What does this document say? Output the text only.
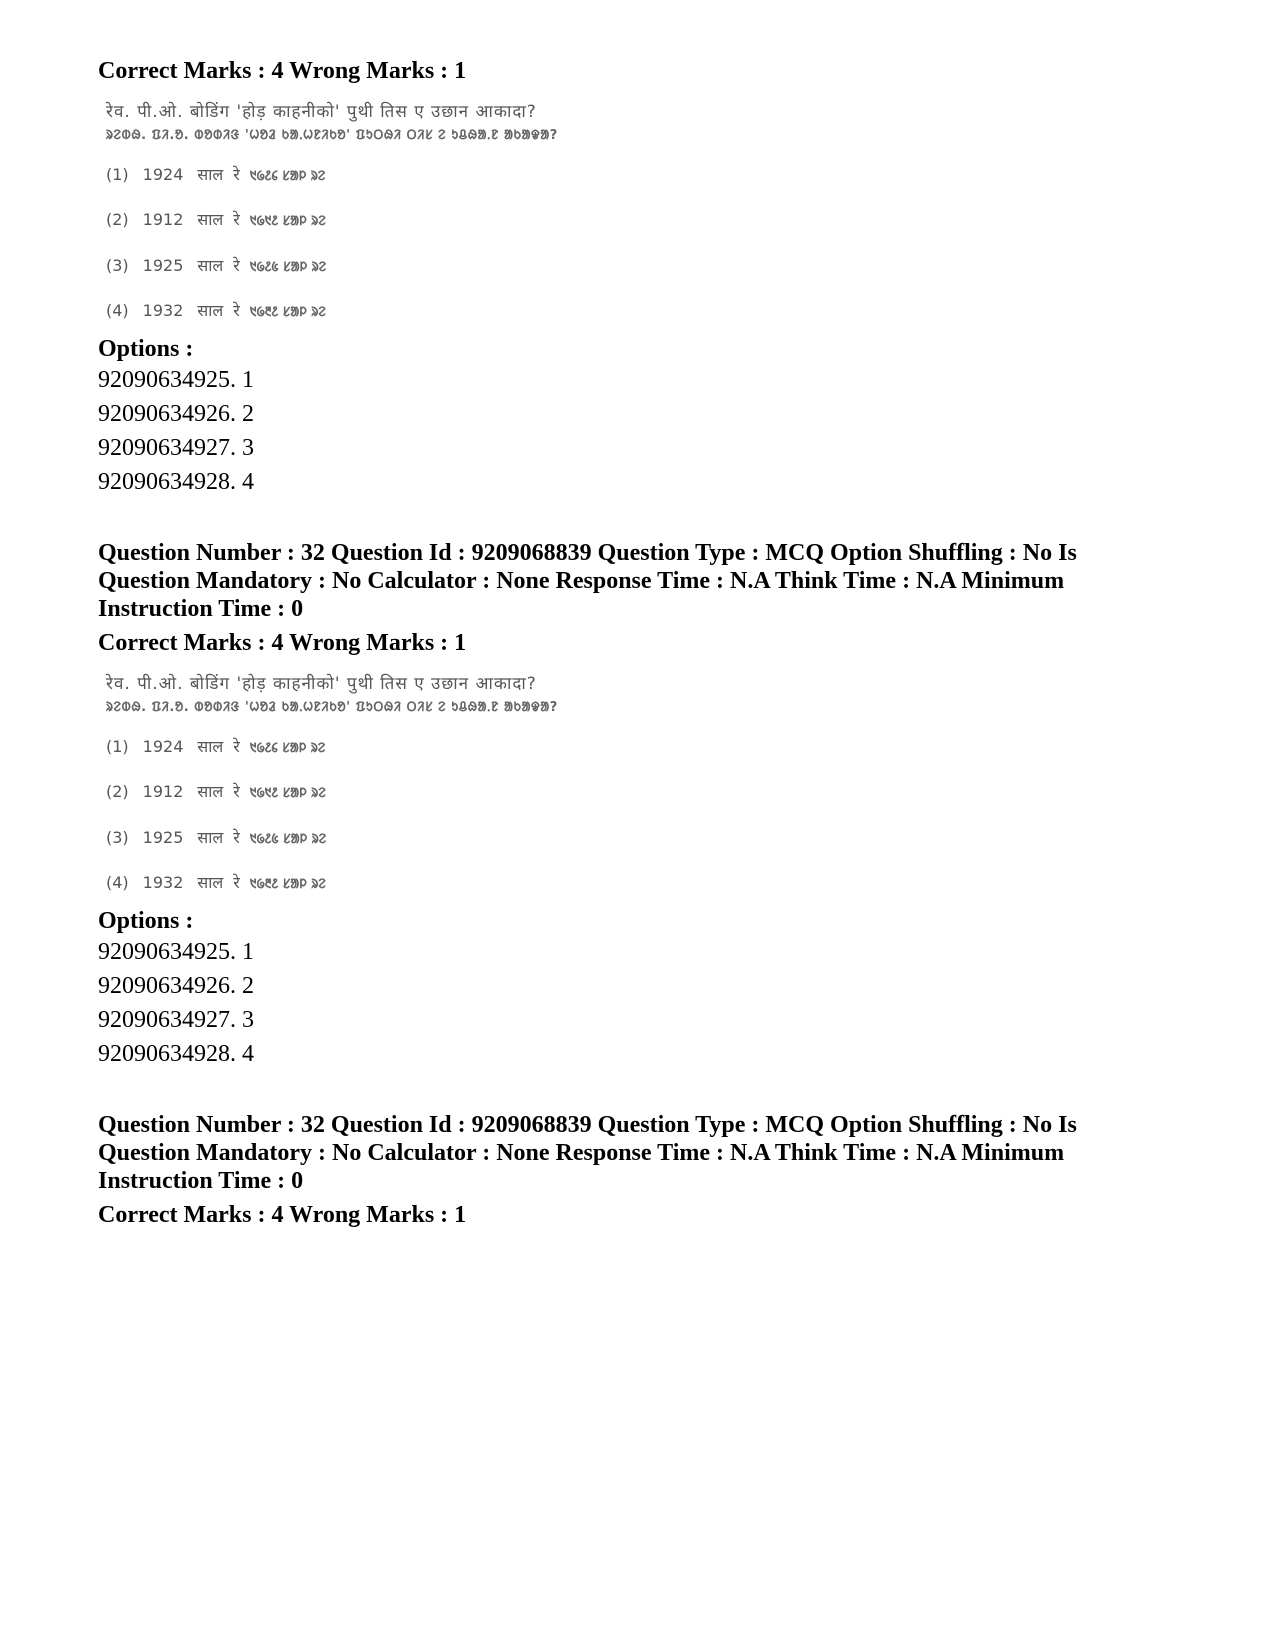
Correct Marks : 4 Wrong Marks : 1

रेव. पी.ओ. बोडिंग 'होड़ काहनीको' पुथी तिस ए उछान आकादा?
ᱨᱮᱵᱷ. ᱯᱤ.ᱚ. ᱵᱚᱰᱤᱝ 'ᱦᱚᱲ ᱠᱟᱹᱦᱱᱤᱠᱚ' ᱯᱩᱛᱷᱤ ᱛᱤᱥ ᱮ ᱩᱪᱷᱟᱹᱱ ᱟᱠᱟᱫᱟ?
(1) 1924 साल रे ᱑᱙᱒᱔ ᱥᱟᱞ ᱨᱮ
(2) 1912 साल रे ᱑᱙᱑᱒ ᱥᱟᱞ ᱨᱮ
(3) 1925 साल रे ᱑᱙᱒᱕ ᱥᱟᱞ ᱨᱮ
(4) 1932 साल रे ᱑᱙᱓᱒ ᱥᱟᱞ ᱨᱮ

Options :

92090634925. 1

92090634926. 2

92090634927. 3

92090634928. 4

Question Number : 32 Question Id : 9209068839 Question Type : MCQ Option Shuffling : No Is Question Mandatory : No Calculator : None Response Time : N.A Think Time : N.A Minimum Instruction Time : 0

Correct Marks : 4 Wrong Marks : 1

रेव. पी.ओ. बोडिंग 'होड़ काहनीको' पुथी तिस ए उछान आकादा?
ᱨᱮᱵᱷ. ᱯᱤ.ᱚ. ᱵᱚᱰᱤᱝ 'ᱦᱚᱲ ᱠᱟᱹᱦᱱᱤᱠᱚ' ᱯᱩᱛᱷᱤ ᱛᱤᱥ ᱮ ᱩᱪᱷᱟᱹᱱ ᱟᱠᱟᱫᱟ?
(1) 1924 साल रे ᱑᱙᱒᱔ ᱥᱟᱞ ᱨᱮ
(2) 1912 साल रे ᱑᱙᱑᱒ ᱥᱟᱞ ᱨᱮ
(3) 1925 साल रे ᱑᱙᱒᱕ ᱥᱟᱞ ᱨᱮ
(4) 1932 साल रे ᱑᱙᱓᱒ ᱥᱟᱞ ᱨᱮ

Options :

92090634925. 1

92090634926. 2

92090634927. 3

92090634928. 4

Question Number : 32 Question Id : 9209068839 Question Type : MCQ Option Shuffling : No Is Question Mandatory : No Calculator : None Response Time : N.A Think Time : N.A Minimum Instruction Time : 0

Correct Marks : 4 Wrong Marks : 1
